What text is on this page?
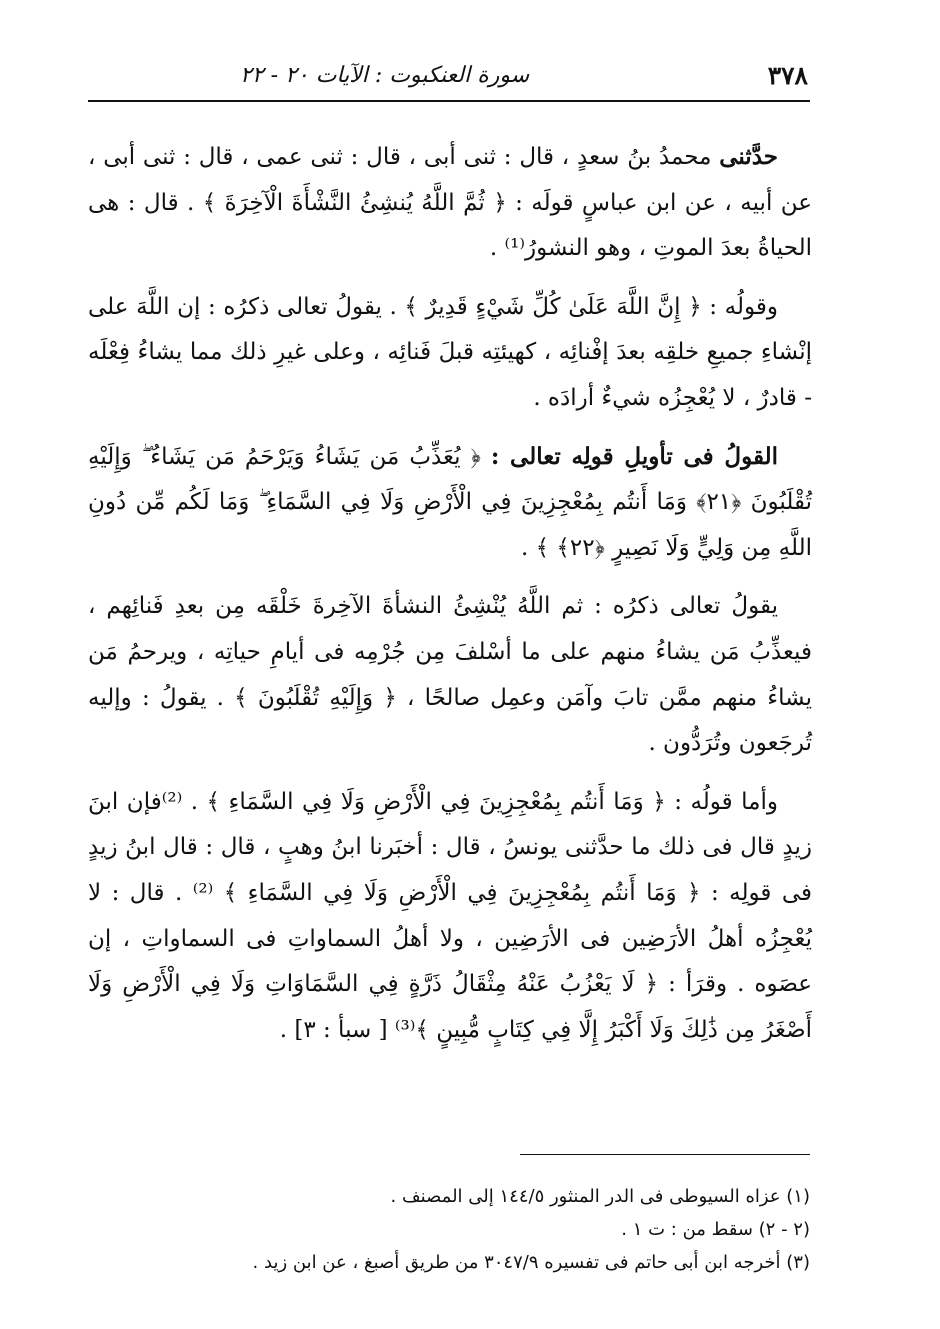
٣٧٨
سورة العنكبوت : الآيات ٢٠ - ٢٢

حدَّثنى محمدُ بنُ سعدٍ ، قال : ثنى أبى ، قال : ثنى عمى ، قال : ثنى أبى ، عن أبيه ، عن ابن عباسٍ قولَه : ﴿ ثُمَّ اللَّهُ يُنشِئُ النَّشْأَةَ الْآخِرَةَ ﴾ . قال : هى الحياةُ بعدَ الموتِ ، وهو النشورُ⁽¹⁾ .

وقولُه : ﴿ إِنَّ اللَّهَ عَلَىٰ كُلِّ شَيْءٍ قَدِيرٌ ﴾ . يقولُ تعالى ذكرُه : إن اللَّهَ على إنْشاءِ جميعِ خلقِه بعدَ إفْنائِه ، كهيئتِه قبلَ فَنائِه ، وعلى غيرِ ذلك مما يشاءُ فِعْلَه - قادرٌ ، لا يُعْجِزُه شيءٌ أرادَه .

القولُ فى تأويلِ قولِه تعالى : ﴿ يُعَذِّبُ مَن يَشَاءُ وَيَرْحَمُ مَن يَشَاءُ ۖ وَإِلَيْهِ تُقْلَبُونَ ﴿٢١﴾ وَمَا أَنتُم بِمُعْجِزِينَ فِي الْأَرْضِ وَلَا فِي السَّمَاءِ ۖ وَمَا لَكُم مِّن دُونِ اللَّهِ مِن وَلِيٍّ وَلَا نَصِيرٍ ﴿٢٢﴾ ﴾ .

يقولُ تعالى ذكرُه : ثم اللَّهُ يُنْشِئُ النشأةَ الآخِرةَ خَلْقَه مِن بعدِ فَنائِهم ، فيعذِّبُ مَن يشاءُ منهم على ما أسْلفَ مِن جُرْمِه فى أيامِ حياتِه ، ويرحمُ مَن يشاءُ منهم ممَّن تابَ وآمَن وعمِل صالحًا ، ﴿ وَإِلَيْهِ تُقْلَبُونَ ﴾ . يقولُ : وإليه تُرجَعون وتُرَدُّون .

وأما قولُه : ﴿ وَمَا أَنتُم بِمُعْجِزِينَ فِي الْأَرْضِ وَلَا فِي السَّمَاءِ ﴾ . ⁽²⁾فإن ابنَ زيدٍ قال فى ذلك ما حدَّثنى يونسُ ، قال : أخبَرنا ابنُ وهبٍ ، قال : قال ابنُ زيدٍ فى قولِه : ﴿ وَمَا أَنتُم بِمُعْجِزِينَ فِي الْأَرْضِ وَلَا فِي السَّمَاءِ ﴾ ⁽²⁾ . قال : لا يُعْجِزُه أهلُ الأرَضِين فى الأرَضِين ، ولا أهلُ السماواتِ فى السماواتِ ، إن عصَوه . وقرَأ : ﴿ لَا يَعْزُبُ عَنْهُ مِثْقَالُ ذَرَّةٍ فِي السَّمَاوَاتِ وَلَا فِي الْأَرْضِ وَلَا أَصْغَرُ مِن ذَٰلِكَ وَلَا أَكْبَرُ إِلَّا فِي كِتَابٍ مُّبِينٍ ﴾⁽³⁾ [ سبأ : ٣] .

(١) عزاه السيوطى فى الدر المنثور ١٤٤/٥ إلى المصنف .

(٢ - ٢) سقط من : ت ١ .

(٣) أخرجه ابن أبى حاتم فى تفسيره ٣٠٤٧/٩ من طريق أصبغ ، عن ابن زيد .
